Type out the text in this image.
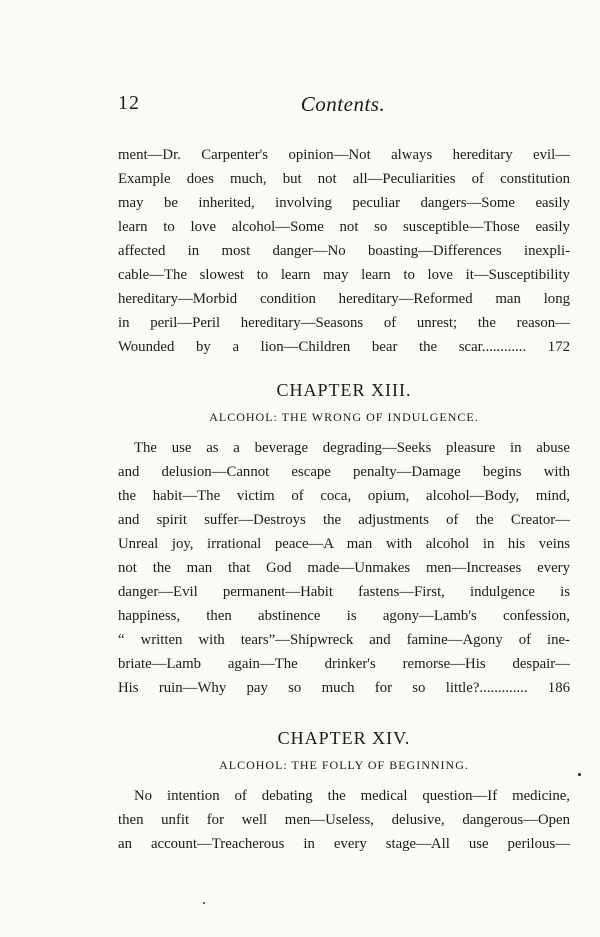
12	Contents.
ment—Dr. Carpenter's opinion—Not always hereditary evil—
Example does much, but not all—Peculiarities of constitution
may be inherited, involving peculiar dangers—Some easily
learn to love alcohol—Some not so susceptible—Those easily
affected in most danger—No boasting—Differences inexpli-
cable—The slowest to learn may learn to love it—Susceptibility
hereditary—Morbid condition hereditary—Reformed man long
in peril—Peril hereditary—Seasons of unrest; the reason—
Wounded by a lion—Children bear the scar............ 172
CHAPTER XIII.
ALCOHOL: THE WRONG OF INDULGENCE.
The use as a beverage degrading—Seeks pleasure in abuse
and delusion—Cannot escape penalty—Damage begins with
the habit—The victim of coca, opium, alcohol—Body, mind,
and spirit suffer—Destroys the adjustments of the Creator—
Unreal joy, irrational peace—A man with alcohol in his veins
not the man that God made—Unmakes men—Increases every
danger—Evil permanent—Habit fastens—First, indulgence is
happiness, then abstinence is agony—Lamb's confession,
“ written with tears”—Shipwreck and famine—Agony of ine-
briate—Lamb again—The drinker's remorse—His despair—
His ruin—Why pay so much for so little?............. 186
CHAPTER XIV.
ALCOHOL: THE FOLLY OF BEGINNING.
No intention of debating the medical question—If medicine,
then unfit for well men—Useless, delusive, dangerous—Open
an account—Treacherous in every stage—All use perilous—
